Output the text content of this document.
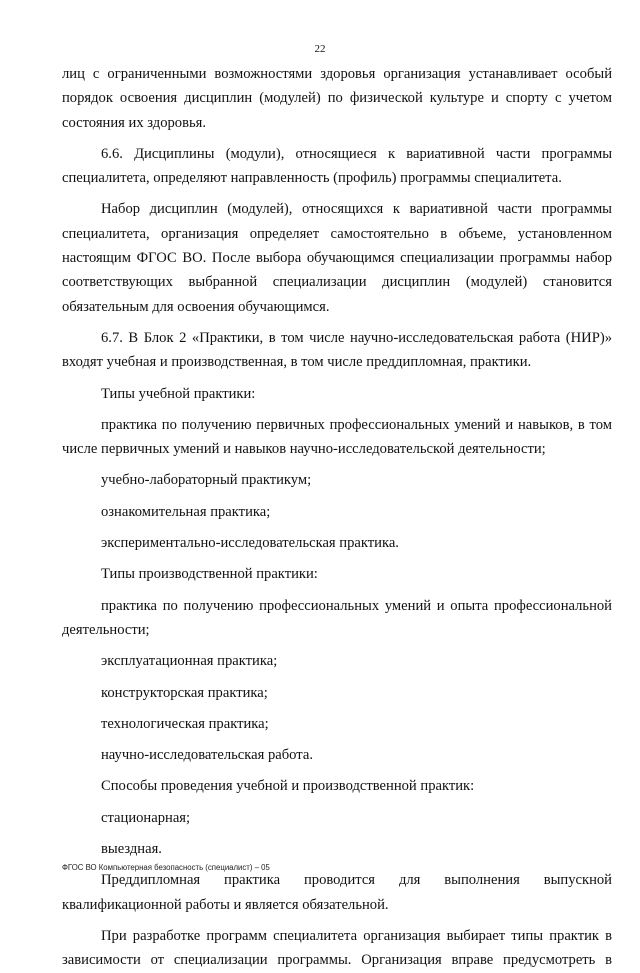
22

лиц с ограниченными возможностями здоровья организация устанавливает особый порядок освоения дисциплин (модулей) по физической культуре и спорту с учетом состояния их здоровья.

6.6. Дисциплины (модули), относящиеся к вариативной части программы специалитета, определяют направленность (профиль) программы специалитета.

Набор дисциплин (модулей), относящихся к вариативной части программы специалитета, организация определяет самостоятельно в объеме, установленном настоящим ФГОС ВО. После выбора обучающимся специализации программы набор соответствующих выбранной специализации дисциплин (модулей) становится обязательным для освоения обучающимся.

6.7. В Блок 2 «Практики, в том числе научно-исследовательская работа (НИР)» входят учебная и производственная, в том числе преддипломная, практики.

Типы учебной практики:

практика по получению первичных профессиональных умений и навыков, в том числе первичных умений и навыков научно-исследовательской деятельности;

учебно-лабораторный практикум;

ознакомительная практика;

экспериментально-исследовательская практика.

Типы производственной практики:

практика по получению профессиональных умений и опыта профессиональной деятельности;

эксплуатационная практика;

конструкторская практика;

технологическая практика;

научно-исследовательская работа.

Способы проведения учебной и производственной практик:

стационарная;

выездная.

Преддипломная практика проводится для выполнения выпускной квалификационной работы и является обязательной.

При разработке программ специалитета организация выбирает типы практик в зависимости от специализации программы. Организация вправе предусмотреть в

ФГОС ВО Компьютерная безопасность (специалист) – 05
